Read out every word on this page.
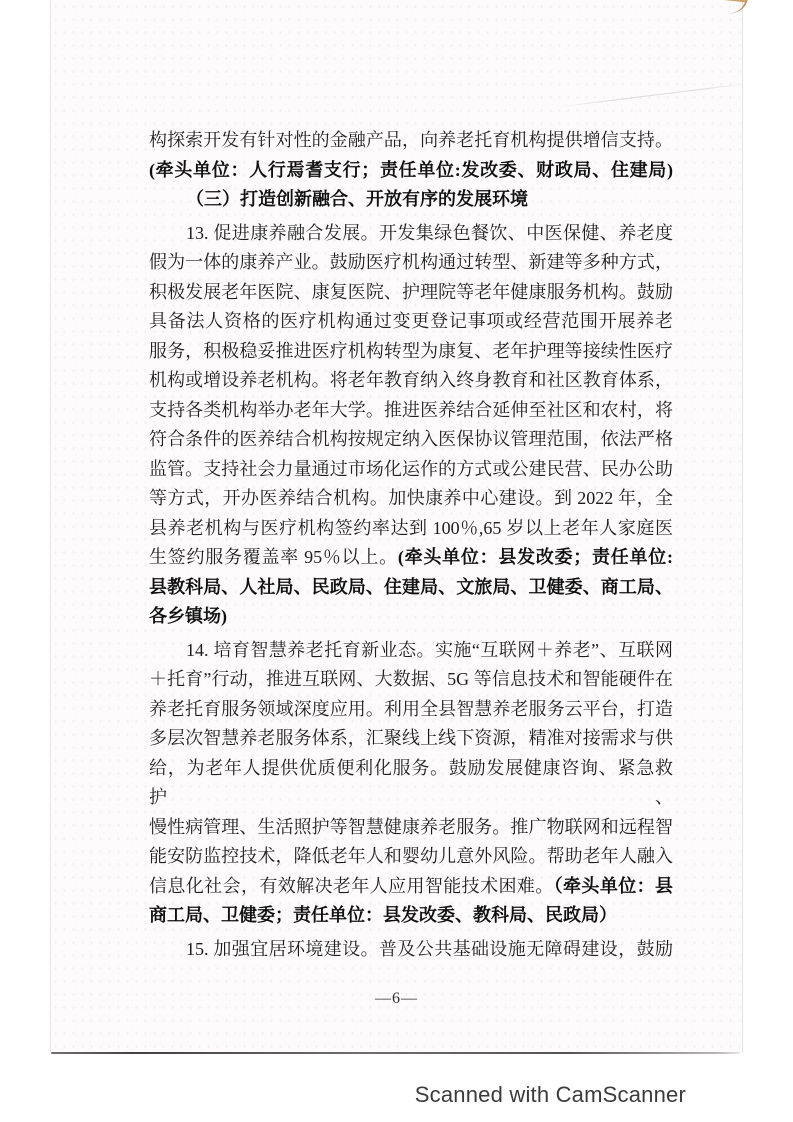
构探索开发有针对性的金融产品，向养老托育机构提供增信支持。
(牵头单位：人行焉耆支行；责任单位:发改委、财政局、住建局)
（三）打造创新融合、开放有序的发展环境
13. 促进康养融合发展。开发集绿色餐饮、中医保健、养老度
假为一体的康养产业。鼓励医疗机构通过转型、新建等多种方式，
积极发展老年医院、康复医院、护理院等老年健康服务机构。鼓励
具备法人资格的医疗机构通过变更登记事项或经营范围开展养老
服务，积极稳妥推进医疗机构转型为康复、老年护理等接续性医疗
机构或增设养老机构。将老年教育纳入终身教育和社区教育体系，
支持各类机构举办老年大学。推进医养结合延伸至社区和农村，将
符合条件的医养结合机构按规定纳入医保协议管理范围，依法严格
监管。支持社会力量通过市场化运作的方式或公建民营、民办公助
等方式，开办医养结合机构。加快康养中心建设。到 2022 年，全
县养老机构与医疗机构签约率达到 100％,65 岁以上老年人家庭医
生签约服务覆盖率 95％以上。(牵头单位：县发改委；责任单位:
县教科局、人社局、民政局、住建局、文旅局、卫健委、商工局、
各乡镇场)
14. 培育智慧养老托育新业态。实施“互联网＋养老”、互联网
＋托育”行动，推进互联网、大数据、5G 等信息技术和智能硬件在
养老托育服务领域深度应用。利用全县智慧养老服务云平台，打造
多层次智慧养老服务体系，汇聚线上线下资源，精准对接需求与供
给，为老年人提供优质便利化服务。鼓励发展健康咨询、紧急救护、
慢性病管理、生活照护等智慧健康养老服务。推广物联网和远程智
能安防监控技术，降低老年人和婴幼儿意外风险。帮助老年人融入
信息化社会，有效解决老年人应用智能技术困难。（牵头单位：县
商工局、卫健委；责任单位：县发改委、教科局、民政局）
15. 加强宜居环境建设。普及公共基础设施无障碍建设，鼓励
—6—
Scanned with CamScanner
